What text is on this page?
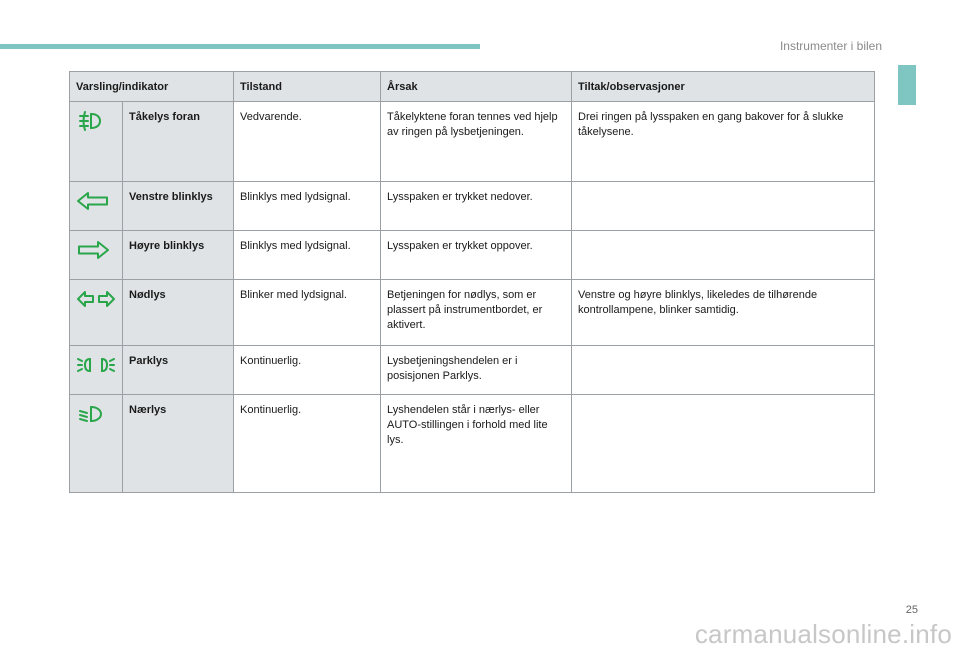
Instrumenter i bilen
Varsling/indikator		Tilstand	Årsak	Tiltak/observasjoner
	Tåkelys foran	Vedvarende.	Tåkelyktene foran tennes ved hjelp av ringen på lysbetjeningen.	Drei ringen på lysspaken en gang bakover for å slukke tåkelysene.
	Venstre blinklys	Blinklys med lydsignal.	Lysspaken er trykket nedover.	
	Høyre blinklys	Blinklys med lydsignal.	Lysspaken er trykket oppover.	
	Nødlys	Blinker med lydsignal.	Betjeningen for nødlys, som er plassert på instrumentbordet, er aktivert.	Venstre og høyre blinklys, likeledes de tilhørende kontrollampene, blinker samtidig.
	Parklys	Kontinuerlig.	Lysbetjeningshendelen er i posisjonen Parklys.	
	Nærlys	Kontinuerlig.	Lyshendelen står i nærlys- eller AUTO-stillingen i forhold med lite lys.	
25
carmanualsonline.info
